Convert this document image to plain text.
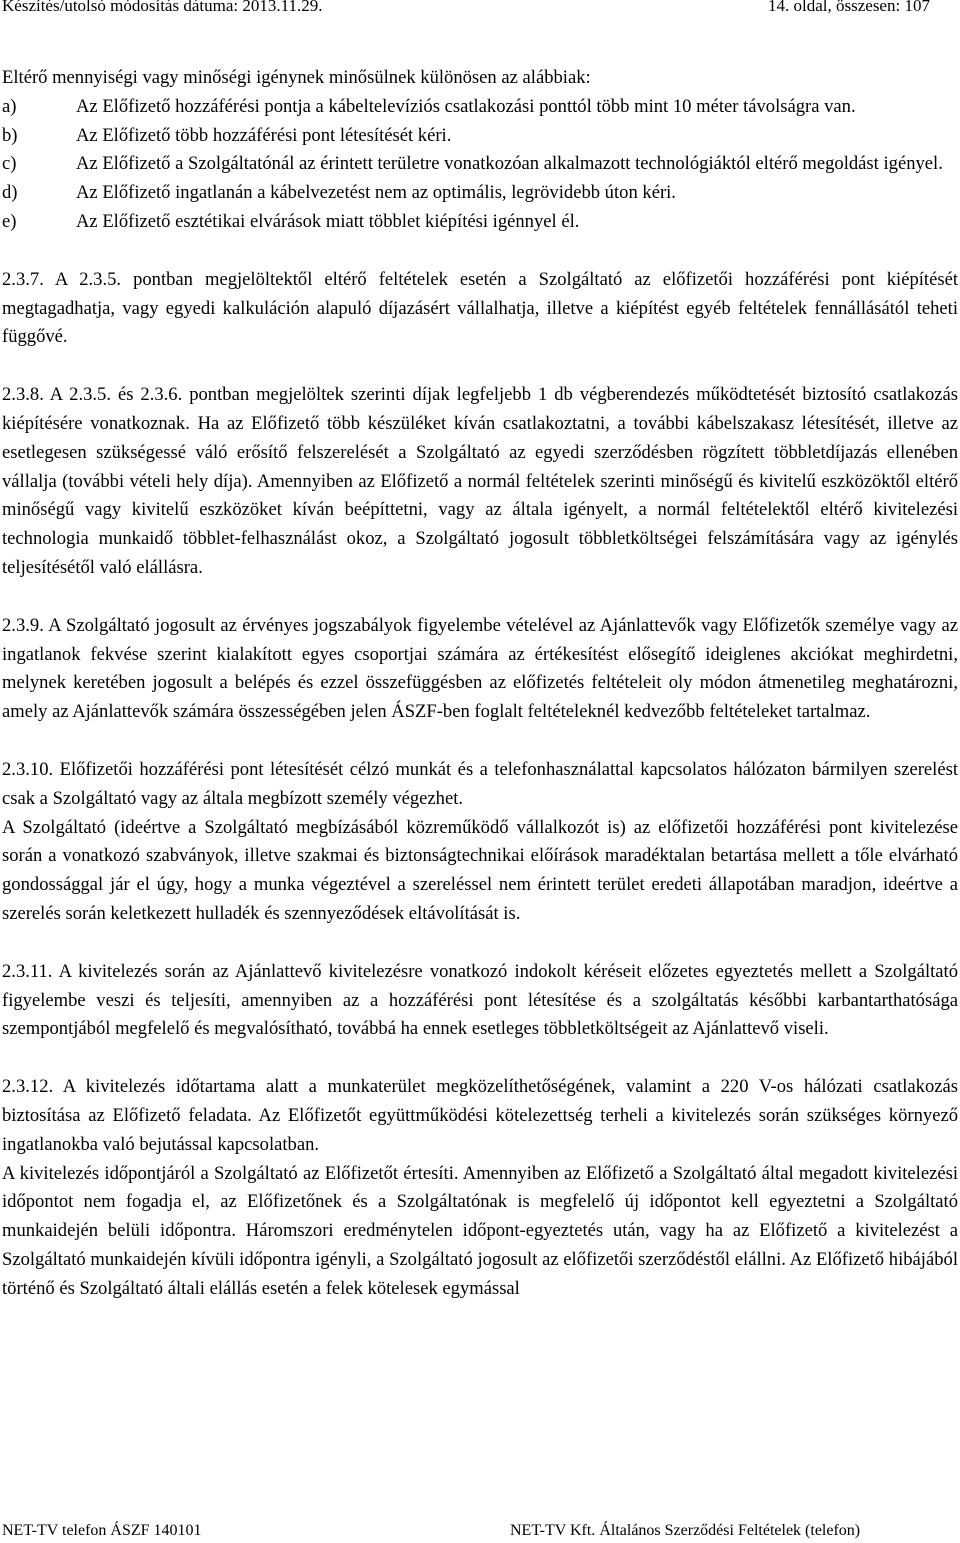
Készítés/utolsó módosítás dátuma: 2013.11.29.	14. oldal, összesen: 107

Eltérő mennyiségi vagy minőségi igénynek minősülnek különösen az alábbiak:

a)	Az Előfizető hozzáférési pontja a kábeltelevíziós csatlakozási ponttól több mint 10 méter távolságra van.

b)	Az Előfizető több hozzáférési pont létesítését kéri.

c)	Az Előfizető a Szolgáltatónál az érintett területre vonatkozóan alkalmazott technológiáktól eltérő megoldást igényel.

d)	Az Előfizető ingatlanán a kábelvezetést nem az optimális, legrövidebb úton kéri.

e)	Az Előfizető esztétikai elvárások miatt többlet kiépítési igénnyel él.

2.3.7. A 2.3.5. pontban megjelöltektől eltérő feltételek esetén a Szolgáltató az előfizetői hozzáférési pont kiépítését megtagadhatja, vagy egyedi kalkuláción alapuló díjazásért vállalhatja, illetve a kiépítést egyéb feltételek fennállásától teheti függővé.

2.3.8. A 2.3.5. és 2.3.6. pontban megjelöltek szerinti díjak legfeljebb 1 db végberendezés működtetését biztosító csatlakozás kiépítésére vonatkoznak. Ha az Előfizető több készüléket kíván csatlakoztatni, a további kábelszakasz létesítését, illetve az esetlegesen szükségessé váló erősítő felszerelését a Szolgáltató az egyedi szerződésben rögzített többletdíjazás ellenében vállalja (további vételi hely díja). Amennyiben az Előfizető a normál feltételek szerinti minőségű és kivitelű eszközöktől eltérő minőségű vagy kivitelű eszközöket kíván beépíttetni, vagy az általa igényelt, a normál feltételektől eltérő kivitelezési technologia munkaidő többlet-felhasználást okoz, a Szolgáltató jogosult többletköltségei felszámítására vagy az igénylés teljesítésétől való elállásra.

2.3.9. A Szolgáltató jogosult az érvényes jogszabályok figyelembe vételével az Ajánlattevők vagy Előfizetők személye vagy az ingatlanok fekvése szerint kialakított egyes csoportjai számára az értékesítést elősegítő ideiglenes akciókat meghirdetni, melynek keretében jogosult a belépés és ezzel összefüggésben az előfizetés feltételeit oly módon átmenetileg meghatározni, amely az Ajánlattevők számára összességében jelen ÁSZF-ben foglalt feltételeknél kedvezőbb feltételeket tartalmaz.

2.3.10. Előfizetői hozzáférési pont létesítését célzó munkát és a telefonhasználattal kapcsolatos hálózaton bármilyen szerelést csak a Szolgáltató vagy az általa megbízott személy végezhet.

A Szolgáltató (ideértve a Szolgáltató megbízásából közreműködő vállalkozót is) az előfizetői hozzáférési pont kivitelezése során a vonatkozó szabványok, illetve szakmai és biztonságtechnikai előírások maradéktalan betartása mellett a tőle elvárható gondossággal jár el úgy, hogy a munka végeztével a szereléssel nem érintett terület eredeti állapotában maradjon, ideértve a szerelés során keletkezett hulladék és szennyeződések eltávolítását is.

2.3.11. A kivitelezés során az Ajánlattevő kivitelezésre vonatkozó indokolt kéréseit előzetes egyeztetés mellett a Szolgáltató figyelembe veszi és teljesíti, amennyiben az a hozzáférési pont létesítése és a szolgáltatás későbbi karbantarthatósága szempontjából megfelelő és megvalósítható, továbbá ha ennek esetleges többletköltségeit az Ajánlattevő viseli.

2.3.12. A kivitelezés időtartama alatt a munkaterület megközelíthetőségének, valamint a 220 V-os hálózati csatlakozás biztosítása az Előfizető feladata. Az Előfizetőt együttműködési kötelezettség terheli a kivitelezés során szükséges környező ingatlanokba való bejutással kapcsolatban.

A kivitelezés időpontjáról a Szolgáltató az Előfizetőt értesíti. Amennyiben az Előfizető a Szolgáltató által megadott kivitelezési időpontot nem fogadja el, az Előfizetőnek és a Szolgáltatónak is megfelelő új időpontot kell egyeztetni a Szolgáltató munkaidején belüli időpontra. Háromszori eredménytelen időpont-egyeztetés után, vagy ha az Előfizető a kivitelezést a Szolgáltató munkaidején kívüli időpontra igényli, a Szolgáltató jogosult az előfizetői szerződéstől elállni. Az Előfizető hibájából történő és Szolgáltató általi elállás esetén a felek kötelesek egymással

NET-TV telefon ÁSZF 140101	NET-TV Kft. Általános Szerződési Feltételek (telefon)
